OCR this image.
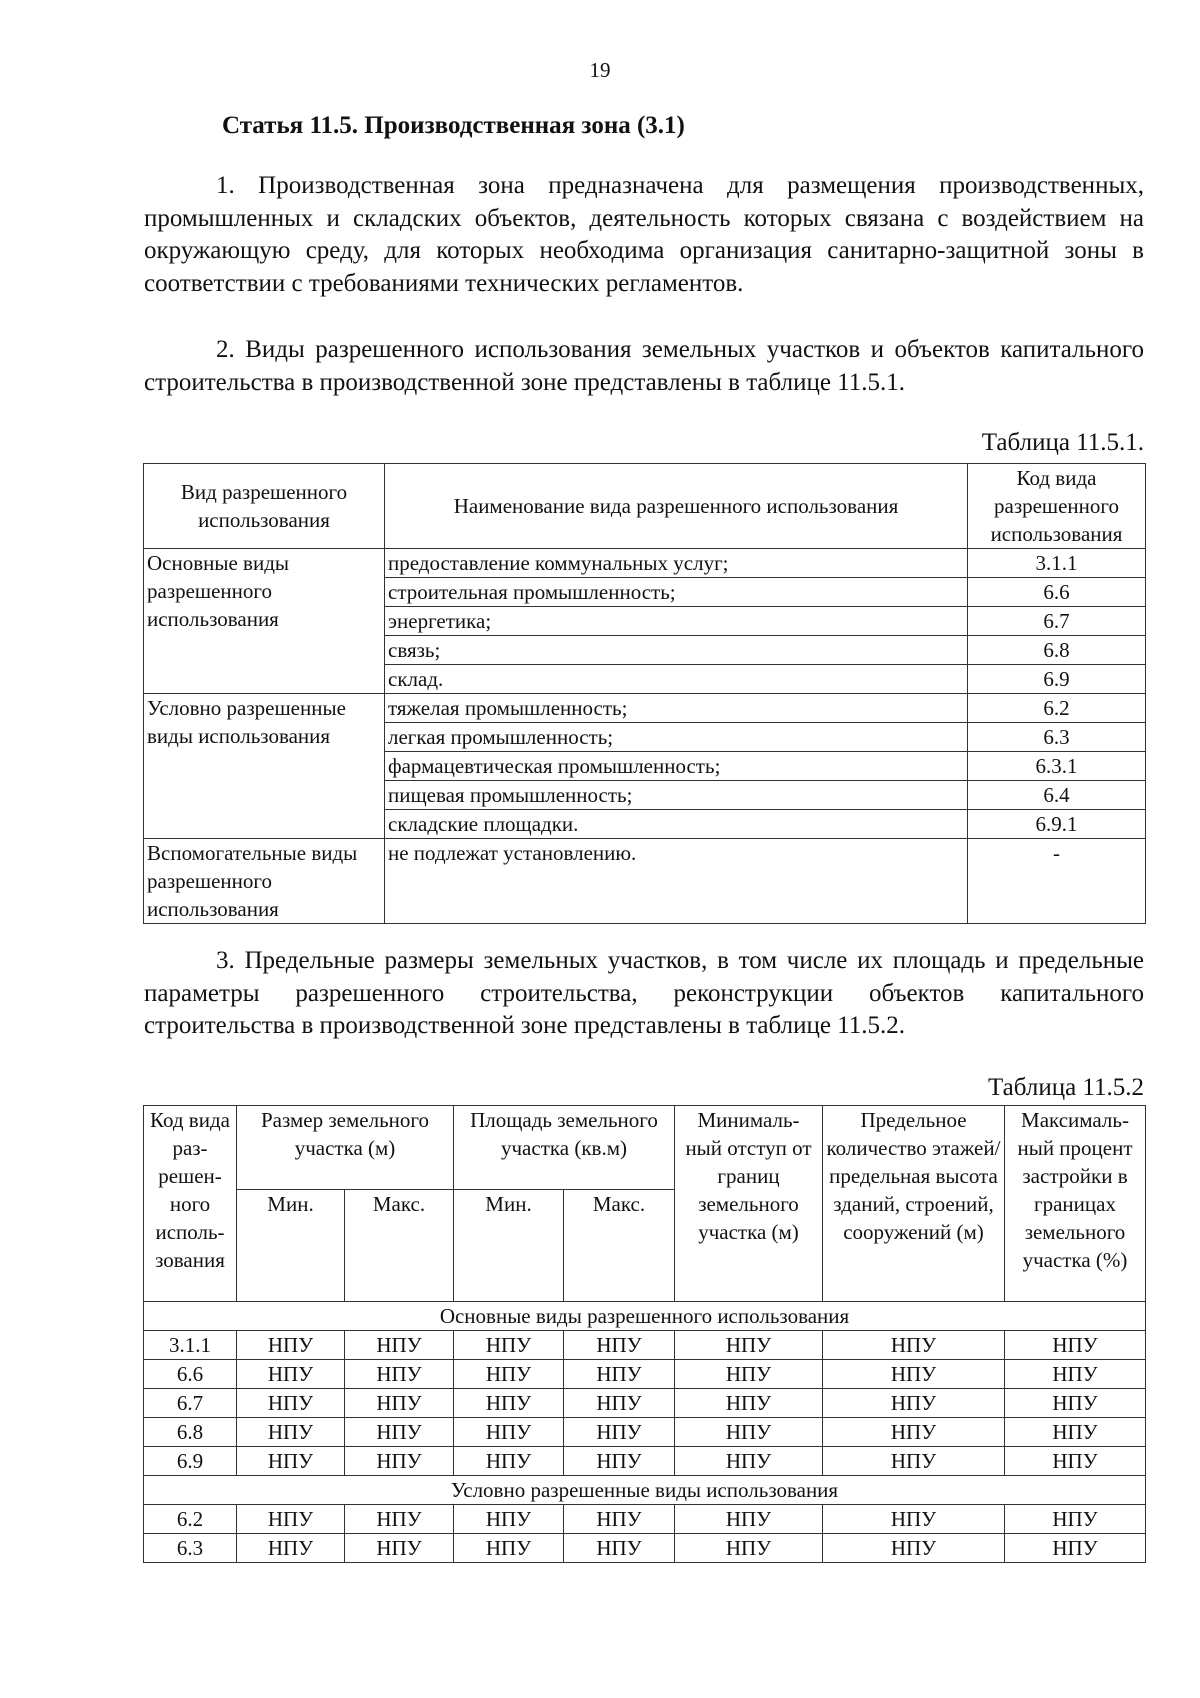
19
Статья 11.5. Производственная зона (3.1)

1. Производственная зона предназначена для размещения производственных, промышленных и складских объектов, деятельность которых связана с воздействием на окружающую среду, для которых необходима организация санитарно-защитной зоны в соответствии с требованиями технических регламентов.

2. Виды разрешенного использования земельных участков и объектов капитального строительства в производственной зоне представлены в таблице 11.5.1.

Таблица 11.5.1.
Вид разрешенного использования	Наименование вида разрешенного использования	Код вида разрешенного использования
Основные виды разрешенного использования	предоставление коммунальных услуг;	3.1.1
	строительная промышленность;	6.6
	энергетика;	6.7
	связь;	6.8
	склад.	6.9
Условно разрешенные виды использования	тяжелая промышленность;	6.2
	легкая промышленность;	6.3
	фармацевтическая промышленность;	6.3.1
	пищевая промышленность;	6.4
	складские площадки.	6.9.1
Вспомогательные виды разрешенного использования	не подлежат установлению.	-

3. Предельные размеры земельных участков, в том числе их площадь и предельные параметры разрешенного строительства, реконструкции объектов капитального строительства в производственной зоне представлены в таблице 11.5.2.

Таблица 11.5.2
Код вида раз- решен- ного исполь- зования	Размер земельного участка (м)		Площадь земельного участка (кв.м)		Минималь- ный отступ от границ земельного участка (м)	Предельное количество этажей/ предельная высота зданий, строений, сооружений (м)	Максималь- ный процент застройки в границах земельного участка (%)
	Мин.	Макс.	Мин.	Макс.			
Основные виды разрешенного использования							
3.1.1	НПУ	НПУ	НПУ	НПУ	НПУ	НПУ	НПУ
6.6	НПУ	НПУ	НПУ	НПУ	НПУ	НПУ	НПУ
6.7	НПУ	НПУ	НПУ	НПУ	НПУ	НПУ	НПУ
6.8	НПУ	НПУ	НПУ	НПУ	НПУ	НПУ	НПУ
6.9	НПУ	НПУ	НПУ	НПУ	НПУ	НПУ	НПУ
Условно разрешенные виды использования							
6.2	НПУ	НПУ	НПУ	НПУ	НПУ	НПУ	НПУ
6.3	НПУ	НПУ	НПУ	НПУ	НПУ	НПУ	НПУ
